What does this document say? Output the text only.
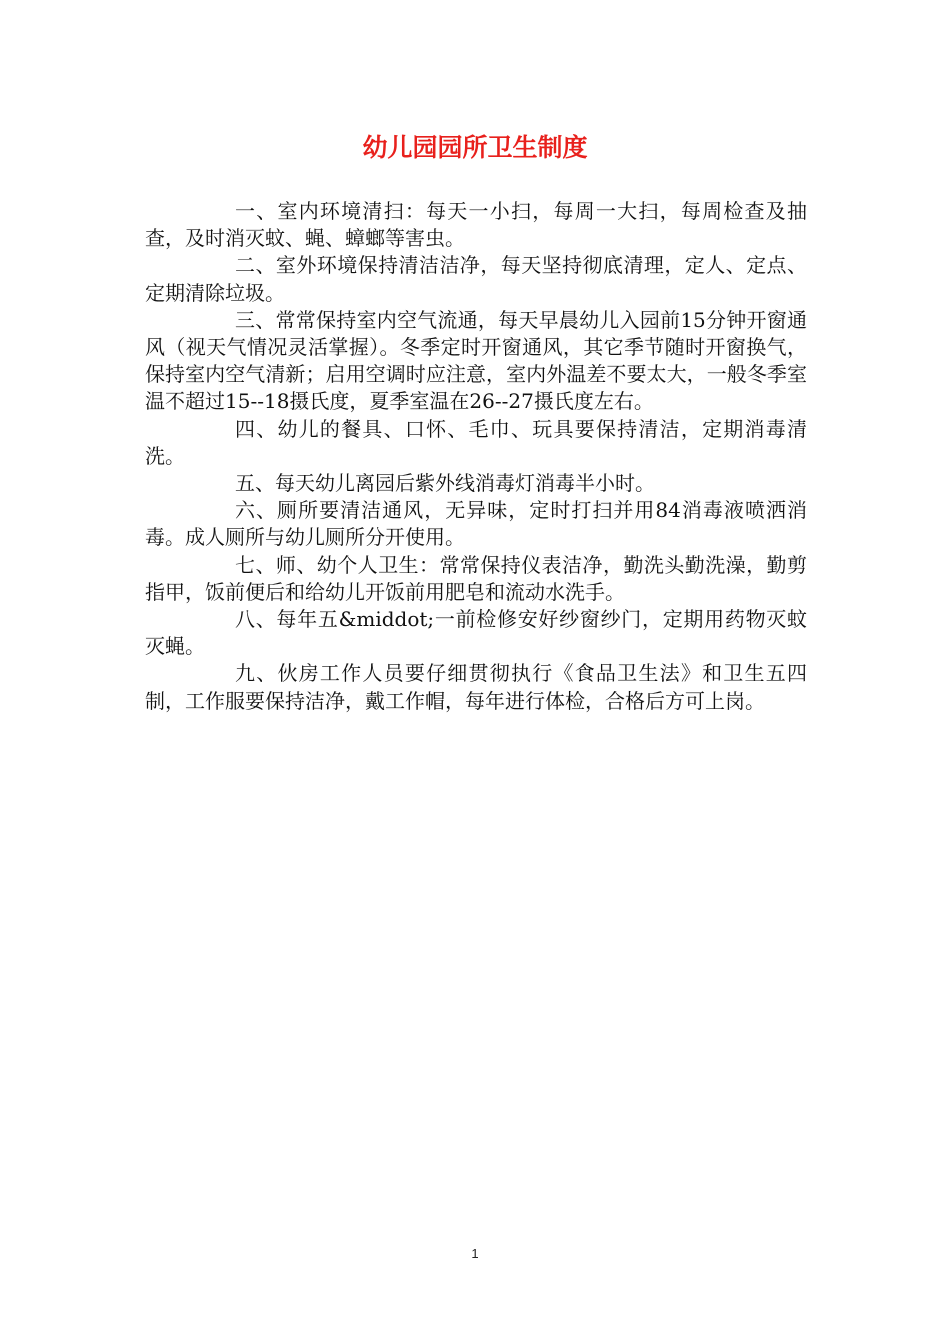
幼儿园园所卫生制度

一、室内环境清扫：每天一小扫，每周一大扫，每周检查及抽查，及时消灭蚊、蝇、蟑螂等害虫。

二、室外环境保持清洁洁净，每天坚持彻底清理，定人、定点、定期清除垃圾。

三、常常保持室内空气流通，每天早晨幼儿入园前15分钟开窗通风（视天气情况灵活掌握）。冬季定时开窗通风，其它季节随时开窗换气，保持室内空气清新；启用空调时应注意，室内外温差不要太大，一般冬季室温不超过15--18摄氏度，夏季室温在26--27摄氏度左右。

四、幼儿的餐具、口怀、毛巾、玩具要保持清洁，定期消毒清洗。

五、每天幼儿离园后紫外线消毒灯消毒半小时。

六、厕所要清洁通风，无异味，定时打扫并用84消毒液喷洒消毒。成人厕所与幼儿厕所分开使用。

七、师、幼个人卫生：常常保持仪表洁净，勤洗头勤洗澡，勤剪指甲，饭前便后和给幼儿开饭前用肥皂和流动水洗手。

八、每年五&middot;一前检修安好纱窗纱门，定期用药物灭蚊灭蝇。

九、伙房工作人员要仔细贯彻执行《食品卫生法》和卫生五四制，工作服要保持洁净，戴工作帽，每年进行体检，合格后方可上岗。

1
